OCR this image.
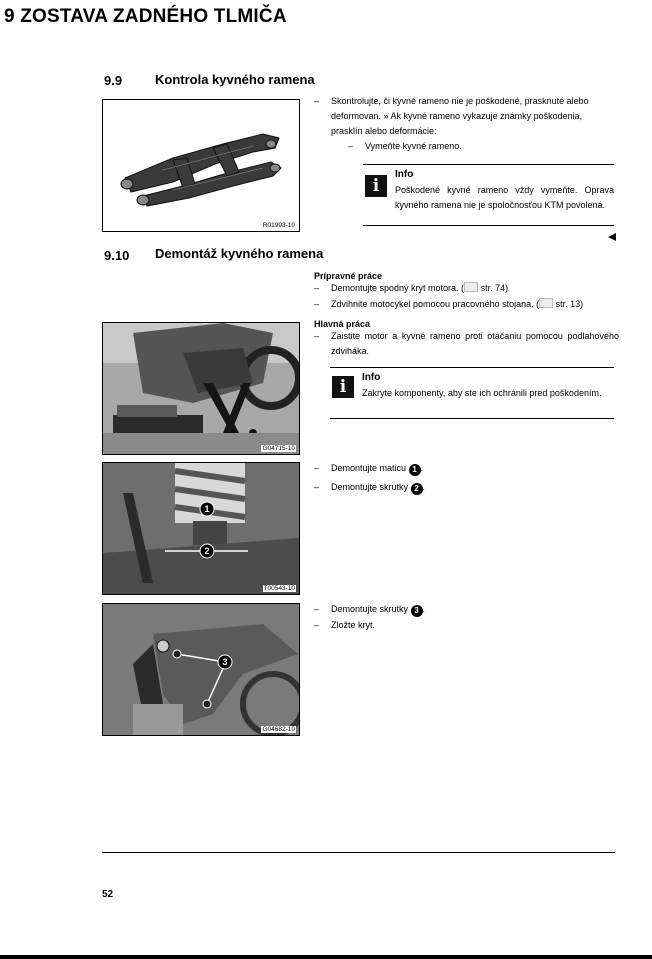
9 ZOSTAVA ZADNÉHO TLMIČA
9.9	Kontrola kyvného ramena
R01993-10
– Skontrolujte, či kyvné rameno nie je poškodené, prasknuté alebo deformovan. » Ak kyvné rameno vykazuje známky poškodenia, prasklín alebo deformácie:
– Vymeňte kyvné rameno.
i
Info
Poškodené kyvné rameno vždy vymeňte. Oprava kyvného ramena nie je spoločnosťou KTM povolená.
9.10 Demontáž kyvného ramena
Prípravné práce
– Demontujte spodný kryt motora. ( str. 74)
– Zdvihnite motocykel pomocou pracovného stojana. ( str. 13)
Hlavná práca
– Zaistite motor a kyvné rameno proti otáčaniu pomocou podlahového zdviháka.
i	Info
Zakryte komponenty, aby ste ich ochránili pred poškodením.
G04715-10
1
2
T00543-10
– Demontujte maticu 1 .
– Demontujte skrutky 2 .
3
G04682-10
– Demontujte skrutky 3 .
– Zložte kryt.
52
